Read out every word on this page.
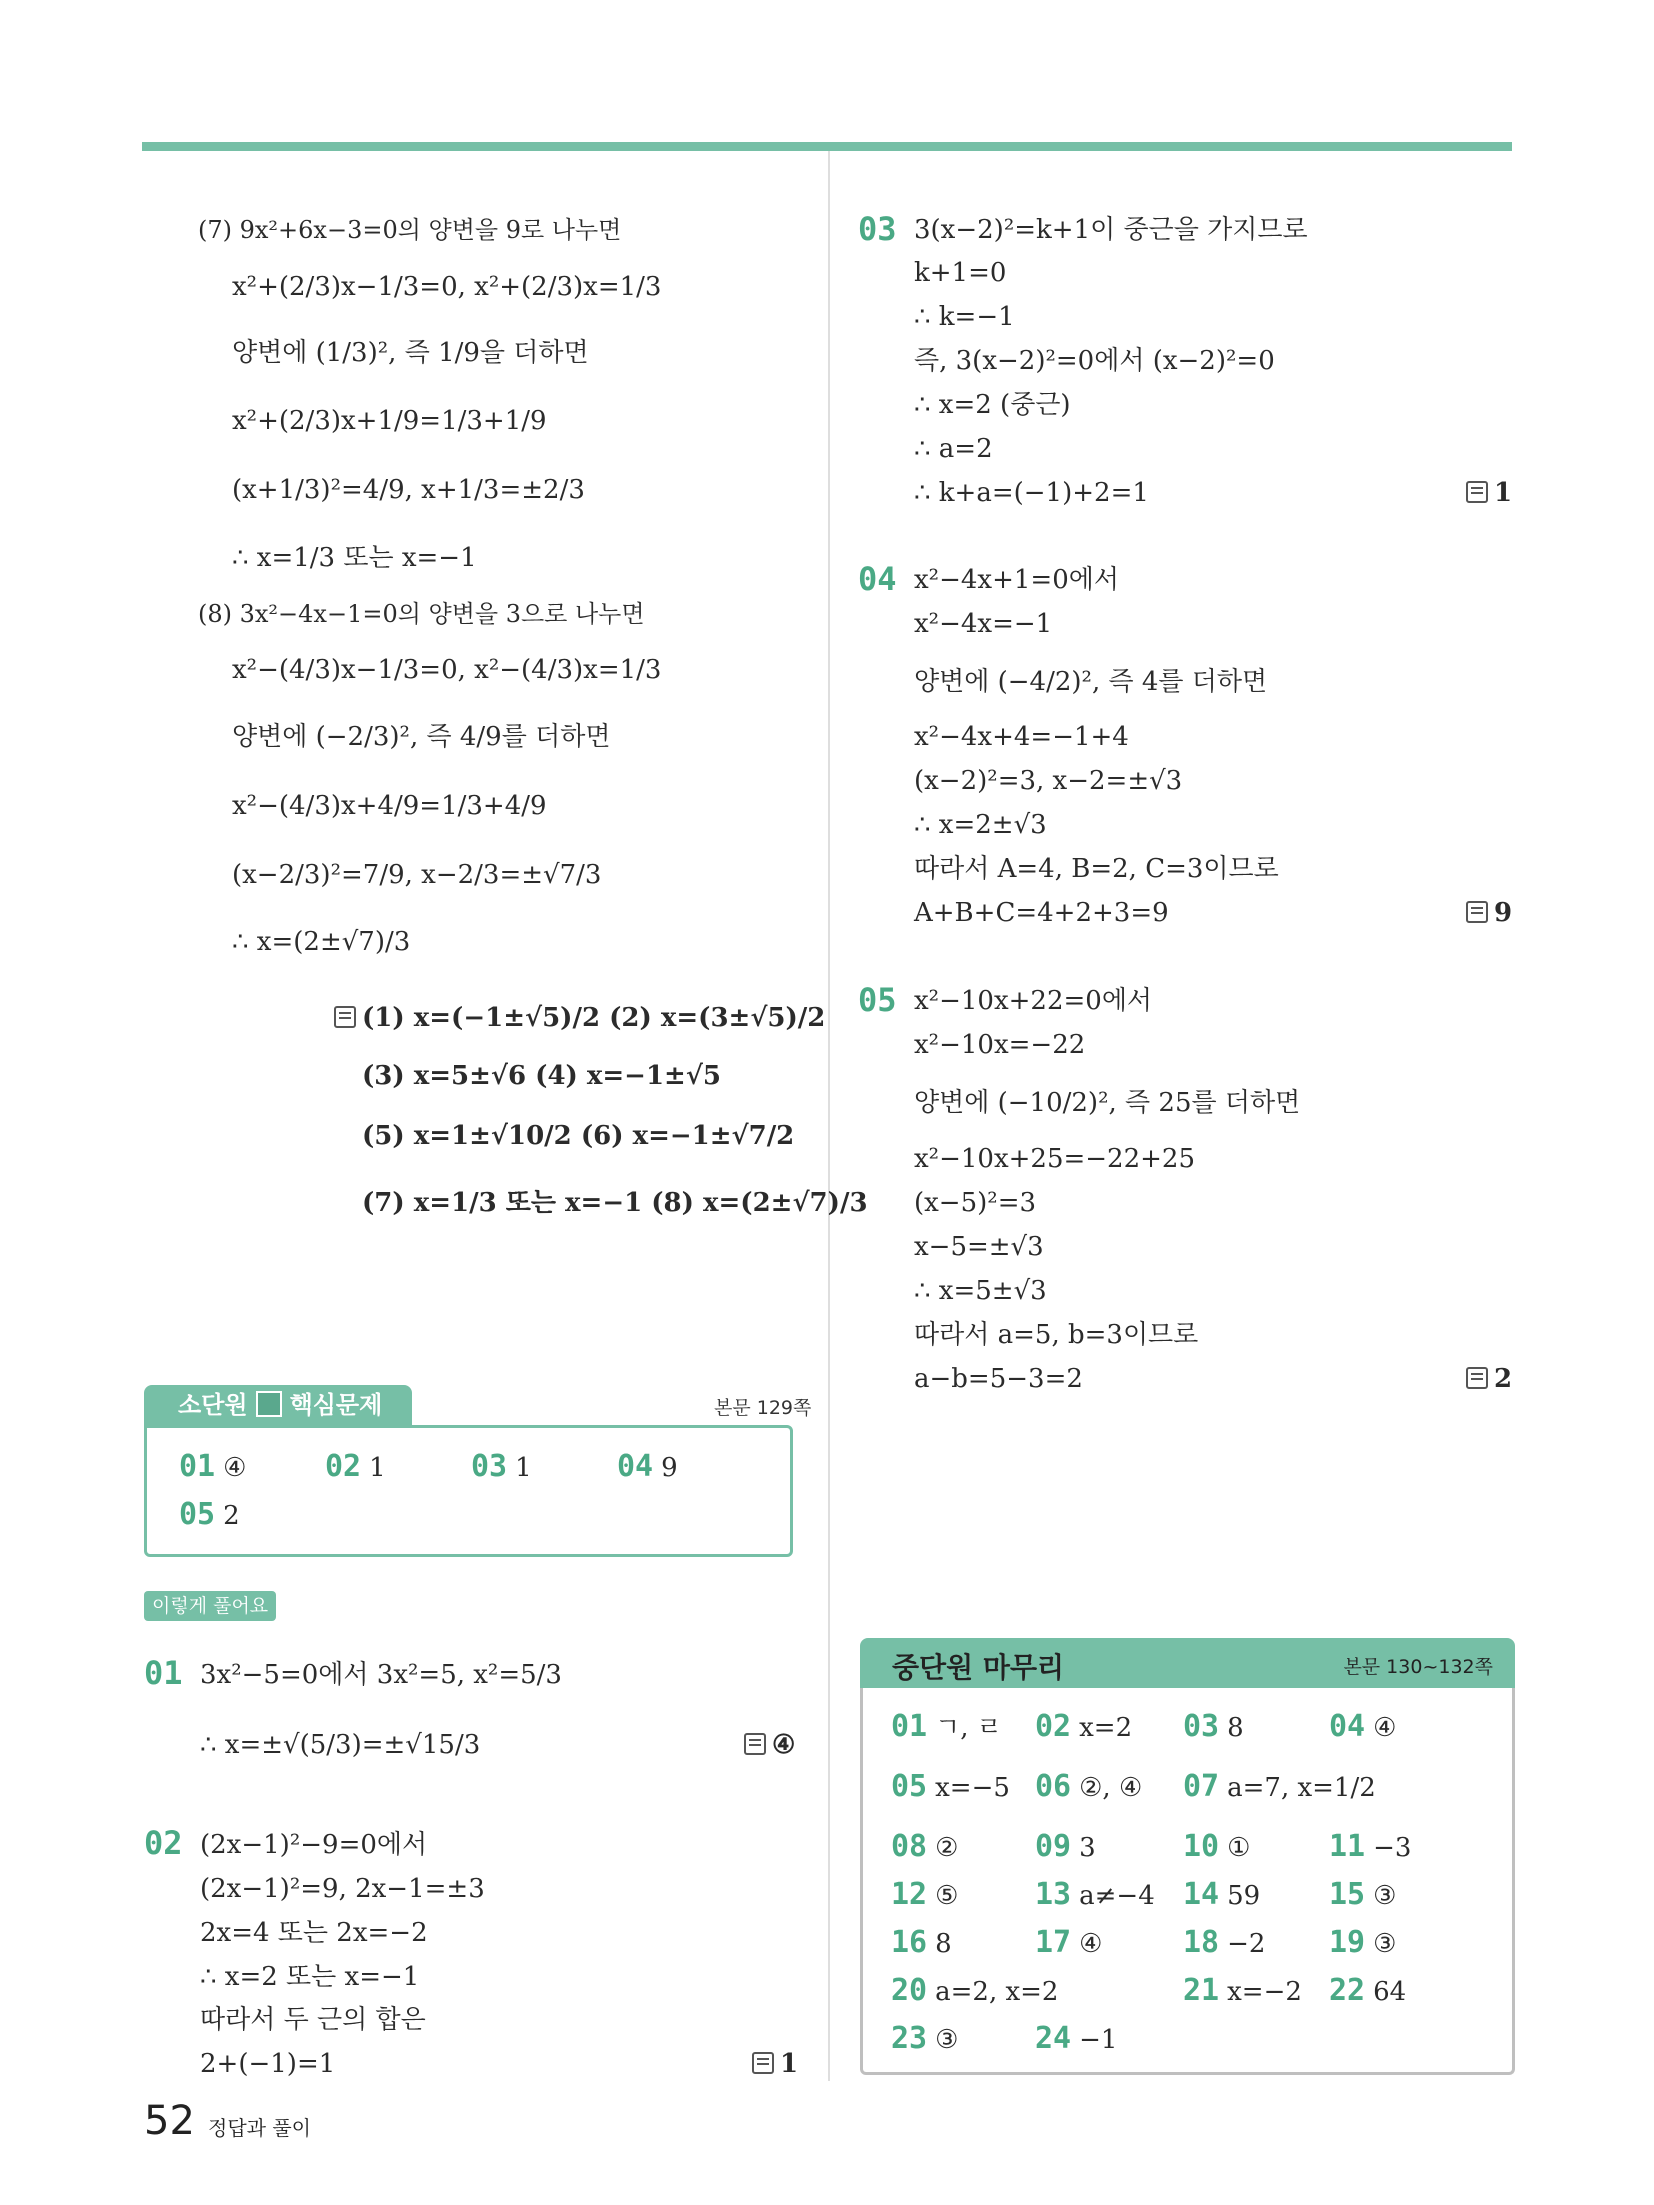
(7) 9x²+6x−3=0의 양변을 9로 나누면
x²+(2/3)x−1/3=0, x²+(2/3)x=1/3
양변에 (1/3)², 즉 1/9을 더하면
x²+(2/3)x+1/9=1/3+1/9
(x+1/3)²=4/9, x+1/3=±2/3
∴ x=1/3 또는 x=−1
(8) 3x²−4x−1=0의 양변을 3으로 나누면
x²−(4/3)x−1/3=0, x²−(4/3)x=1/3
양변에 (−2/3)², 즉 4/9를 더하면
x²−(4/3)x+4/9=1/3+4/9
(x−2/3)²=7/9, x−2/3=±√7/3
∴ x=(2±√7)/3
(1) x=(−1±√5)/2 (2) x=(3±√5)/2
(3) x=5±√6 (4) x=−1±√5
(5) x=1±√10/2 (6) x=−1±√7/2
(7) x=1/3 또는 x=−1 (8) x=(2±√7)/3
소단원 핵심문제	본문 129쪽
01 ④	02 1	03 1	04 9
05 2
이렇게 풀어요
01 3x²−5=0에서 3x²=5, x²=5/3
∴ x=±√(5/3)=±√15/3	④
02 (2x−1)²−9=0에서
(2x−1)²=9, 2x−1=±3
2x=4 또는 2x=−2
∴ x=2 또는 x=−1
따라서 두 근의 합은
2+(−1)=1	1
03 3(x−2)²=k+1이 중근을 가지므로
k+1=0
∴ k=−1
즉, 3(x−2)²=0에서 (x−2)²=0
∴ x=2 (중근)
∴ a=2
∴ k+a=(−1)+2=1	1
04 x²−4x+1=0에서
x²−4x=−1
양변에 (−4/2)², 즉 4를 더하면
x²−4x+4=−1+4
(x−2)²=3, x−2=±√3
∴ x=2±√3
따라서 A=4, B=2, C=3이므로
A+B+C=4+2+3=9	9
05 x²−10x+22=0에서
x²−10x=−22
양변에 (−10/2)², 즉 25를 더하면
x²−10x+25=−22+25
(x−5)²=3
x−5=±√3
∴ x=5±√3
따라서 a=5, b=3이므로
a−b=5−3=2	2
중단원 마무리	본문 130~132쪽
01 ㄱ, ㄹ 02 x=2 03 8	04 ④
05 x=−5 06 ②, ④ 07 a=7, x=1/2
08 ②	09 3	10 ①	11 −3
12 ⑤	13 a≠−4 14 59 15 ③
16 8	17 ④	18 −2 19 ③
20 a=2, x=2	21 x=−2 22 64
23 ③	24 −1
52 정답과 풀이
